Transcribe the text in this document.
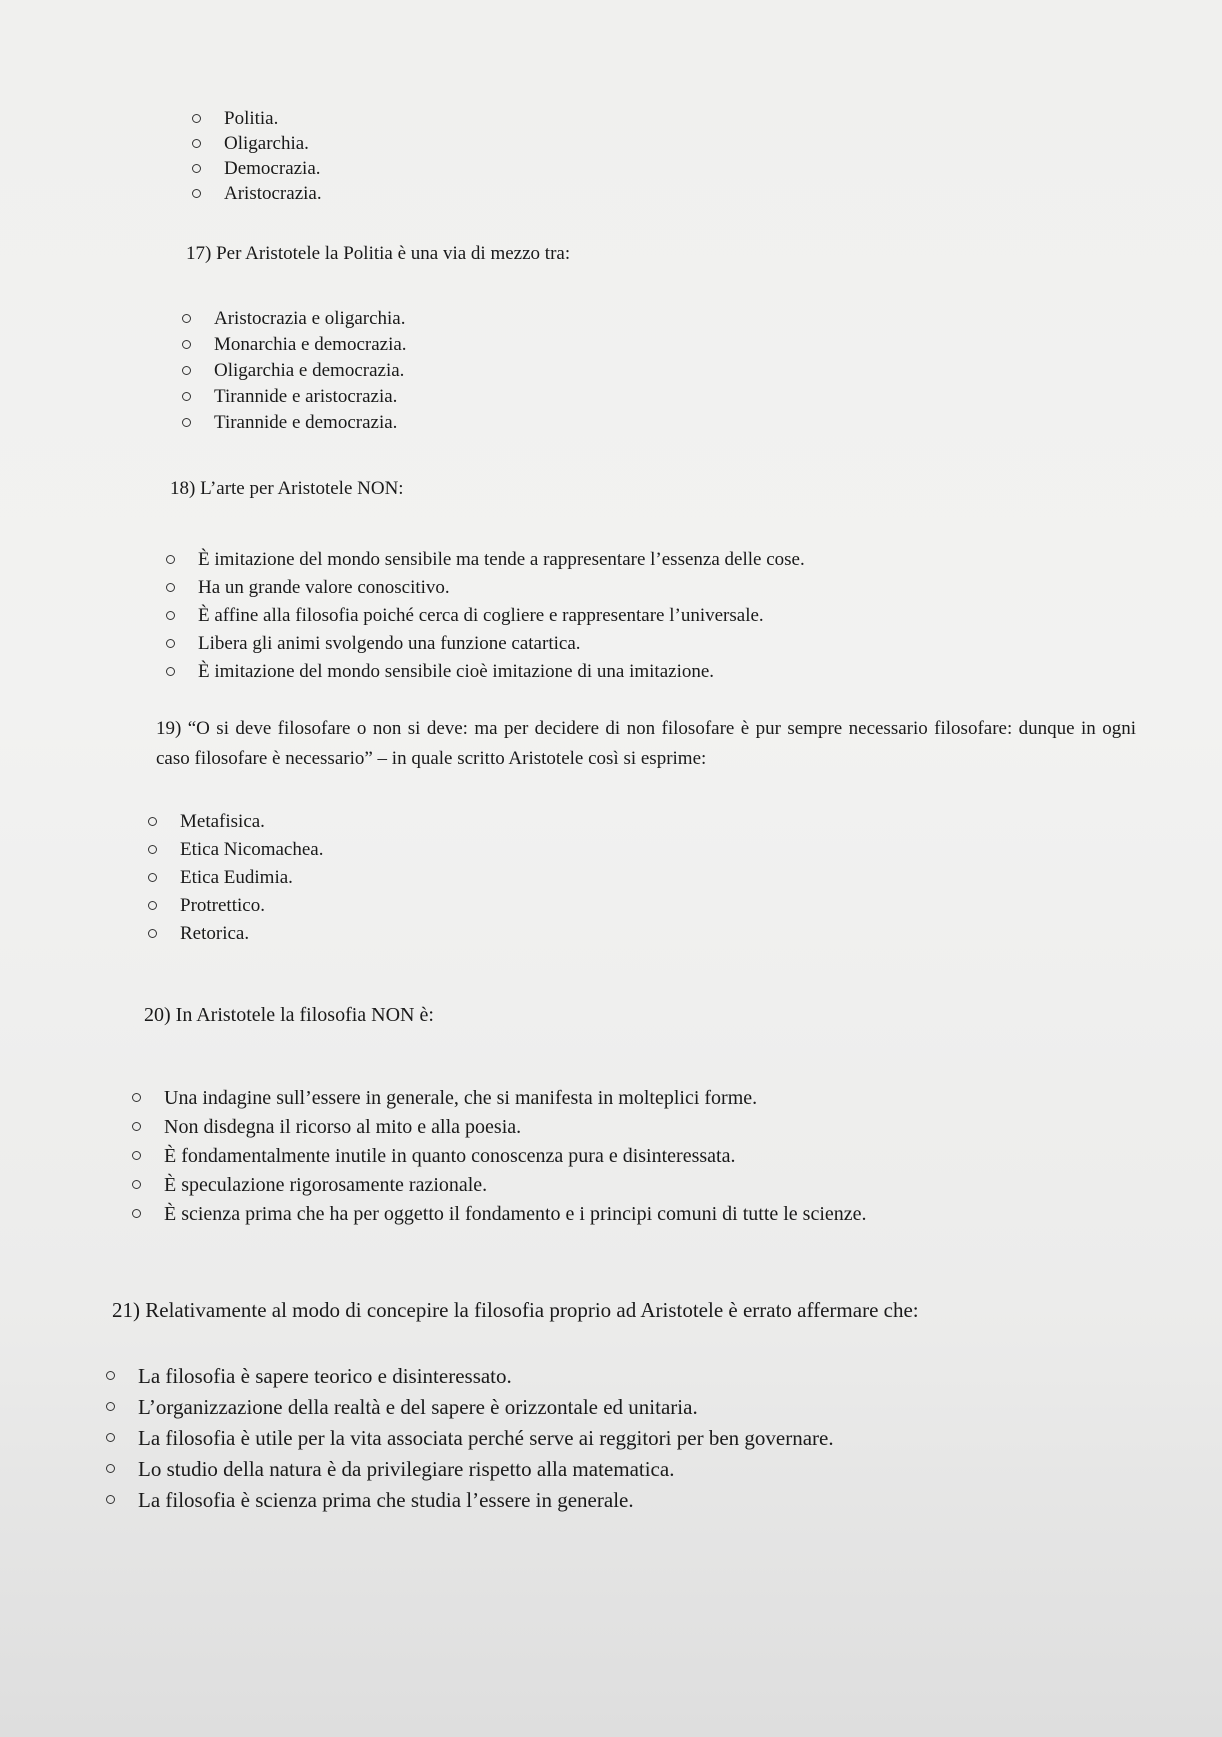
Politia.
Oligarchia.
Democrazia.
Aristocrazia.
17) Per Aristotele la Politia è una via di mezzo tra:
Aristocrazia e oligarchia.
Monarchia e democrazia.
Oligarchia e democrazia.
Tirannide e aristocrazia.
Tirannide e democrazia.
18) L’arte per Aristotele NON:
È imitazione del mondo sensibile ma tende a rappresentare l’essenza delle cose.
Ha un grande valore conoscitivo.
È affine alla filosofia poiché cerca di cogliere e rappresentare l’universale.
Libera gli animi svolgendo una funzione catartica.
È imitazione del mondo sensibile cioè imitazione di una imitazione.
19) “O si deve filosofare o non si deve: ma per decidere di non filosofare è pur sempre necessario filosofare: dunque in ogni caso filosofare è necessario” – in quale scritto Aristotele così si esprime:
Metafisica.
Etica Nicomachea.
Etica Eudimia.
Protrettico.
Retorica.
20) In Aristotele la filosofia NON è:
Una indagine sull’essere in generale, che si manifesta in molteplici forme.
Non disdegna il ricorso al mito e alla poesia.
È fondamentalmente inutile in quanto conoscenza pura e disinteressata.
È speculazione rigorosamente razionale.
È scienza prima che ha per oggetto il fondamento e i principi comuni di tutte le scienze.
21) Relativamente al modo di concepire la filosofia proprio ad Aristotele è errato affermare che:
La filosofia è sapere teorico e disinteressato.
L’organizzazione della realtà e del sapere è orizzontale ed unitaria.
La filosofia è utile per la vita associata perché serve ai reggitori per ben governare.
Lo studio della natura è da privilegiare rispetto alla matematica.
La filosofia è scienza prima che studia l’essere in generale.
